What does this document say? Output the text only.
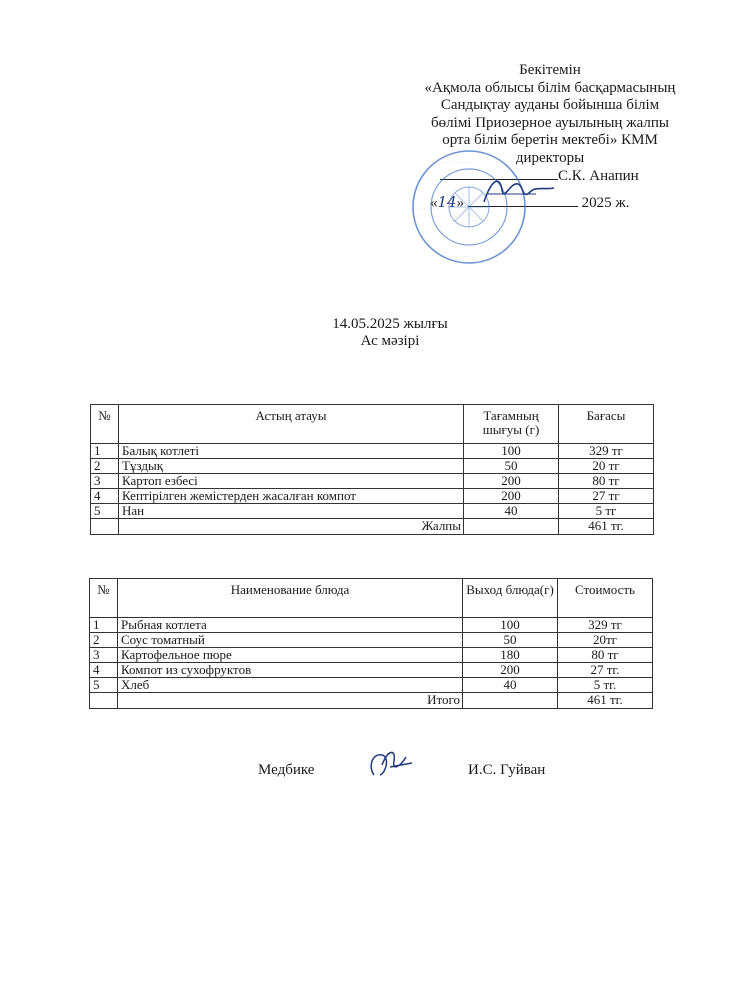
Бекітемін
«Ақмола облысы білім басқармасының
Сандықтау ауданы бойынша білім
бөлімі Приозерное ауылының жалпы
орта білім беретін мектебі» КММ
директоры
С.К. Анапин
«14»	2025 ж.
· · · · · · · · · · · ·
· · ·	· · ·
· · · · · · · · · · ·
14.05.2025 жылғы
Ас мәзірі
№	Астың атауы	Тағамның шығуы (г)	Бағасы
1	Балық котлеті	100	329 тг
2	Тұздық	50	20 тг
3	Картоп езбесі	200	80 тг
4	Кептірілген жемістерден жасалған компот	200	27 тг
5	Нан	40	5 тг
	Жалпы		461 тг.
№	Наименование блюда	Выход блюда(г)	Стоимость
1	Рыбная котлета	100	329 тг
2	Соус томатный	50	20тг
3	Картофельное пюре	180	80 тг
4	Компот из сухофруктов	200	27 тг.
5	Хлеб	40	5 тг.
	Итого		461 тг.
Медбике	И.С. Гуйван
